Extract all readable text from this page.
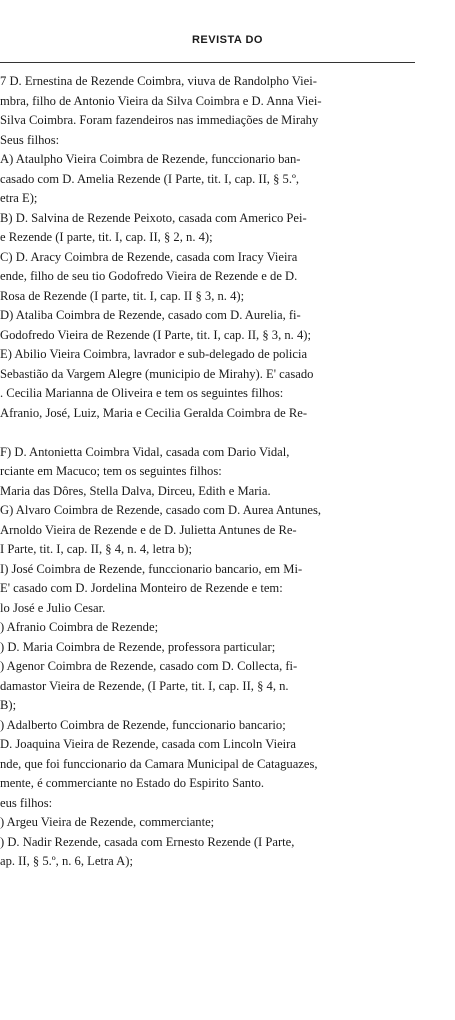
REVISTA DO
7 D. Ernestina de Rezende Coimbra, viuva de Randolpho Viei-
mbra, filho de Antonio Vieira da Silva Coimbra e D. Anna Viei-
Silva Coimbra. Foram fazendeiros nas immediações de Mirahy
Seus filhos:
A) Ataulpho Vieira Coimbra de Rezende, funccionario ban-
casado com D. Amelia Rezende (I Parte, tit. I, cap. II, § 5.º,
etra E);
B) D. Salvina de Rezende Peixoto, casada com Americo Pei-
e Rezende (I parte, tit. I, cap. II, § 2, n. 4);
C) D. Aracy Coimbra de Rezende, casada com Iracy Vieira
ende, filho de seu tio Godofredo Vieira de Rezende e de D.
Rosa de Rezende (I parte, tit. I, cap. II § 3, n. 4);
D) Ataliba Coimbra de Rezende, casado com D. Aurelia, fi-
Godofredo Vieira de Rezende (I Parte, tit. I, cap. II, § 3, n. 4);
E) Abilio Vieira Coimbra, lavrador e sub-delegado de policia
Sebastião da Vargem Alegre (municipio de Mirahy). E' casado
. Cecilia Marianna de Oliveira e tem os seguintes filhos:
Afranio, José, Luiz, Maria e Cecilia Geralda Coimbra de Re-
F) D. Antonietta Coimbra Vidal, casada com Dario Vidal,
rciante em Macuco; tem os seguintes filhos:
Maria das Dôres, Stella Dalva, Dirceu, Edith e Maria.
G) Alvaro Coimbra de Rezende, casado com D. Aurea Antunes,
Arnoldo Vieira de Rezende e de D. Julietta Antunes de Re-
I Parte, tit. I, cap. II, § 4, n. 4, letra b);
I) José Coimbra de Rezende, funccionario bancario, em Mi-
E' casado com D. Jordelina Monteiro de Rezende e tem:
lo José e Julio Cesar.
) Afranio Coimbra de Rezende;
) D. Maria Coimbra de Rezende, professora particular;
) Agenor Coimbra de Rezende, casado com D. Collecta, fi-
damastor Vieira de Rezende, (I Parte, tit. I, cap. II, § 4, n.
B);
) Adalberto Coimbra de Rezende, funccionario bancario;
D. Joaquina Vieira de Rezende, casada com Lincoln Vieira
nde, que foi funccionario da Camara Municipal de Cataguazes,
mente, é commerciante no Estado do Espirito Santo.
eus filhos:
) Argeu Vieira de Rezende, commerciante;
) D. Nadir Rezende, casada com Ernesto Rezende (I Parte,
ap. II, § 5.º, n. 6, Letra A);
